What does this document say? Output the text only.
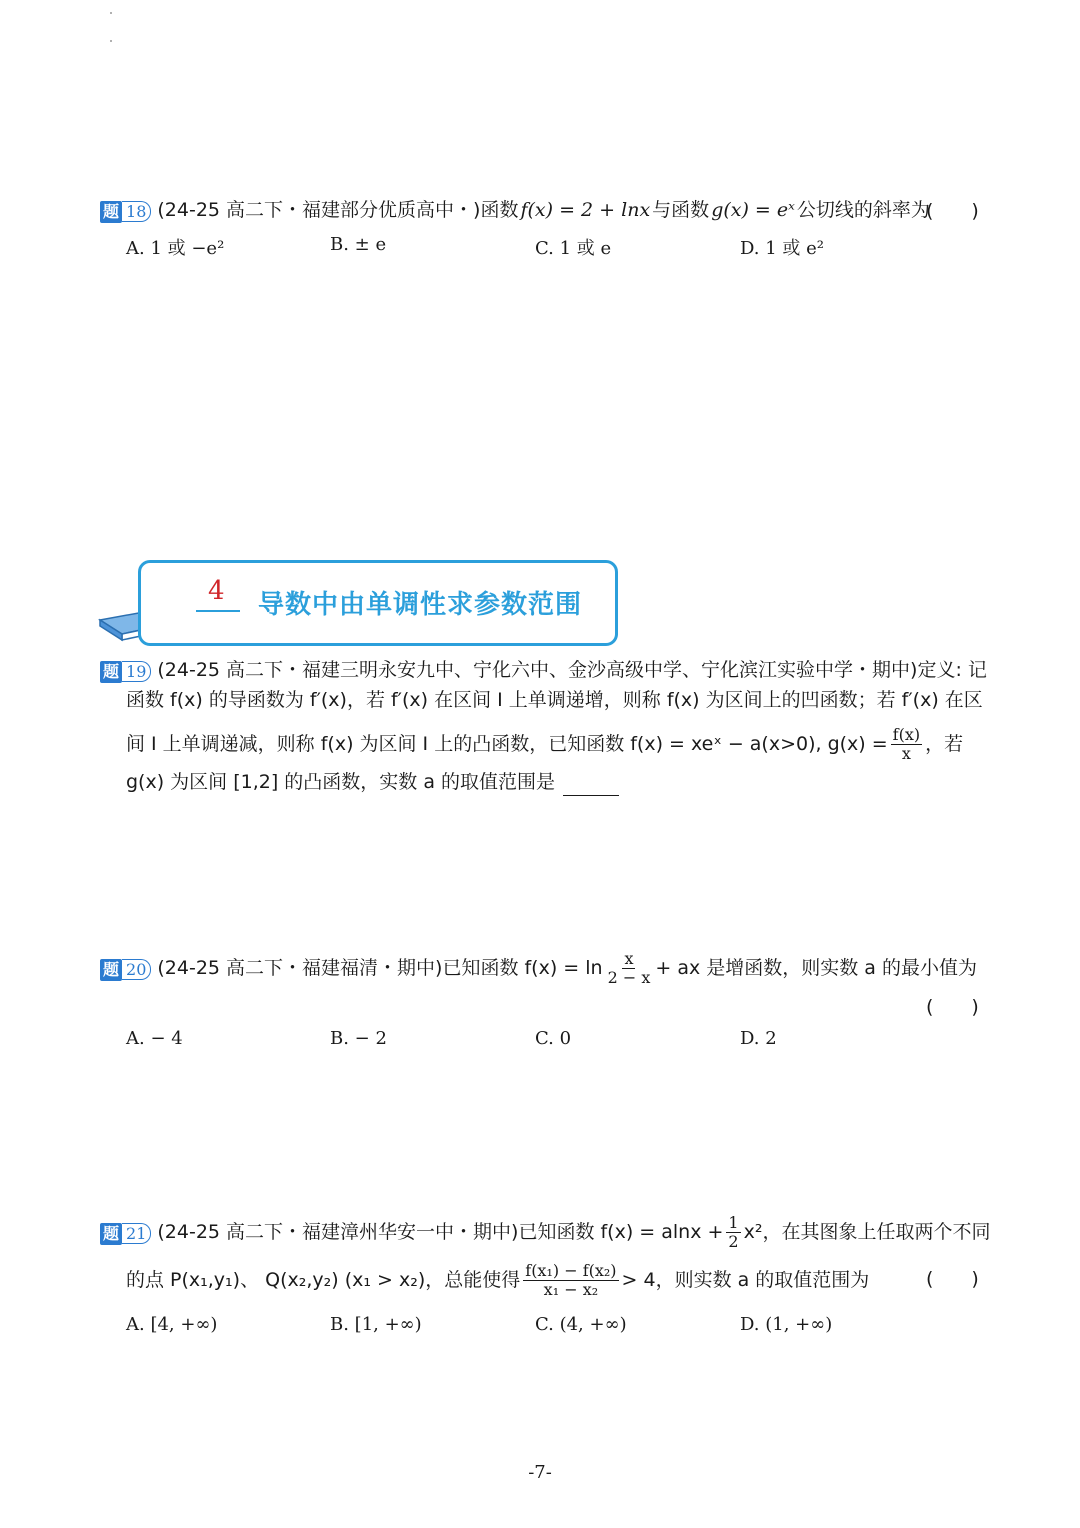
题 18 (24-25 高二下・福建部分优质高中・)函数 f(x) = 2 + lnx 与函数 g(x) = eˣ 公切线的斜率为
(　　)
A. 1 或 −e²	B. ± e	C. 1 或 e	D. 1 或 e²
4 导数中由单调性求参数范围
题 19 (24-25 高二下・福建三明永安九中、宁化六中、金沙高级中学、宁化滨江实验中学・期中)定义: 记
函数 f(x) 的导函数为 f′(x)，若 f′(x) 在区间 I 上单调递增，则称 f(x) 为区间上的凹函数；若 f′(x) 在区
间 I 上单调递减，则称 f(x) 为区间 I 上的凸函数，已知函数 f(x) = xeˣ − a(x>0), $g(x) = \frac{f(x)}{x}$ ，若
g(x) 为区间 [1,2] 的凸函数，实数 a 的取值范围是
题 20 (24-25 高二下・福建福清・期中)已知函数 $f(x) = \ln \frac{x}{2 - x}$ + ax 是增函数，则实数 a 的最小值为
(　　)
A. − 4	B. − 2	C. 0	D. 2
题 21 (24-25 高二下・福建漳州华安一中・期中)已知函数 $f(x) = alnx + \frac{1}{2} x^2$，在其图象上任取两个不同
的点 P(x₁,y₁)、 Q(x₂,y₂) (x₁ > x₂)，总能使得 $\frac{\text{f(x₁) − f(x₂)}}{\text{x₁ − x₂}} > 4$，则实数 a 的取值范围为	(　　)
A. [4, +∞)	B. [1, +∞)	C. (4, +∞)	D. (1, +∞)
-7-
